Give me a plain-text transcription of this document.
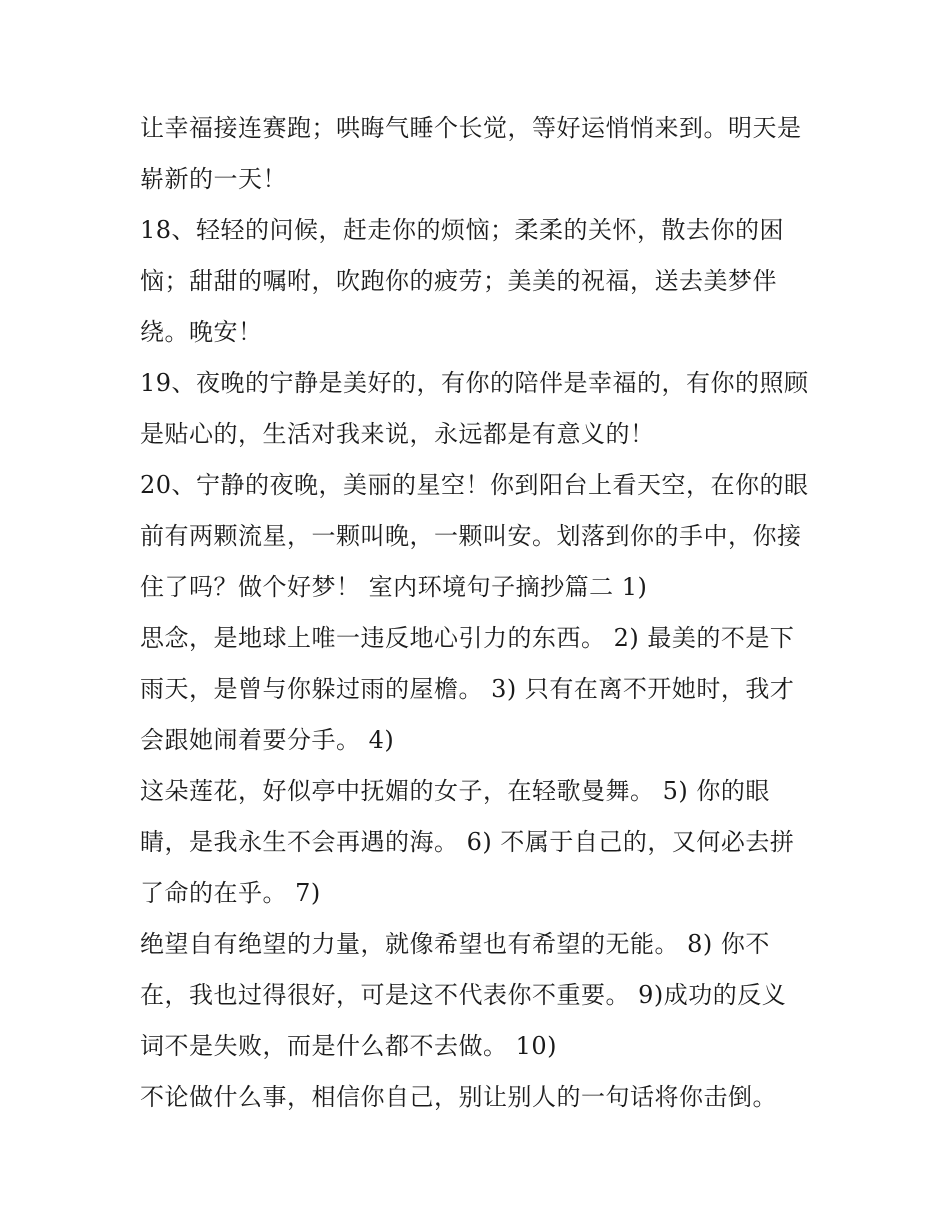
让幸福接连赛跑；哄晦气睡个长觉，等好运悄悄来到。明天是
崭新的一天！
18、轻轻的问候，赶走你的烦恼；柔柔的关怀，散去你的困
恼；甜甜的嘱咐，吹跑你的疲劳；美美的祝福，送去美梦伴
绕。晚安！
19、夜晚的宁静是美好的，有你的陪伴是幸福的，有你的照顾
是贴心的，生活对我来说，永远都是有意义的！
20、宁静的夜晚，美丽的星空！你到阳台上看天空，在你的眼
前有两颗流星，一颗叫晚，一颗叫安。划落到你的手中，你接
住了吗？做个好梦！ 室内环境句子摘抄篇二 1)
思念，是地球上唯一违反地心引力的东西。 2) 最美的不是下
雨天，是曾与你躲过雨的屋檐。 3) 只有在离不开她时，我才
会跟她闹着要分手。 4)
这朵莲花，好似亭中抚媚的女子，在轻歌曼舞。 5) 你的眼
睛，是我永生不会再遇的海。 6) 不属于自己的，又何必去拼
了命的在乎。 7)
绝望自有绝望的力量，就像希望也有希望的无能。 8) 你不
在，我也过得很好，可是这不代表你不重要。 9)成功的反义
词不是失败，而是什么都不去做。 10)
不论做什么事，相信你自己，别让别人的一句话将你击倒。
